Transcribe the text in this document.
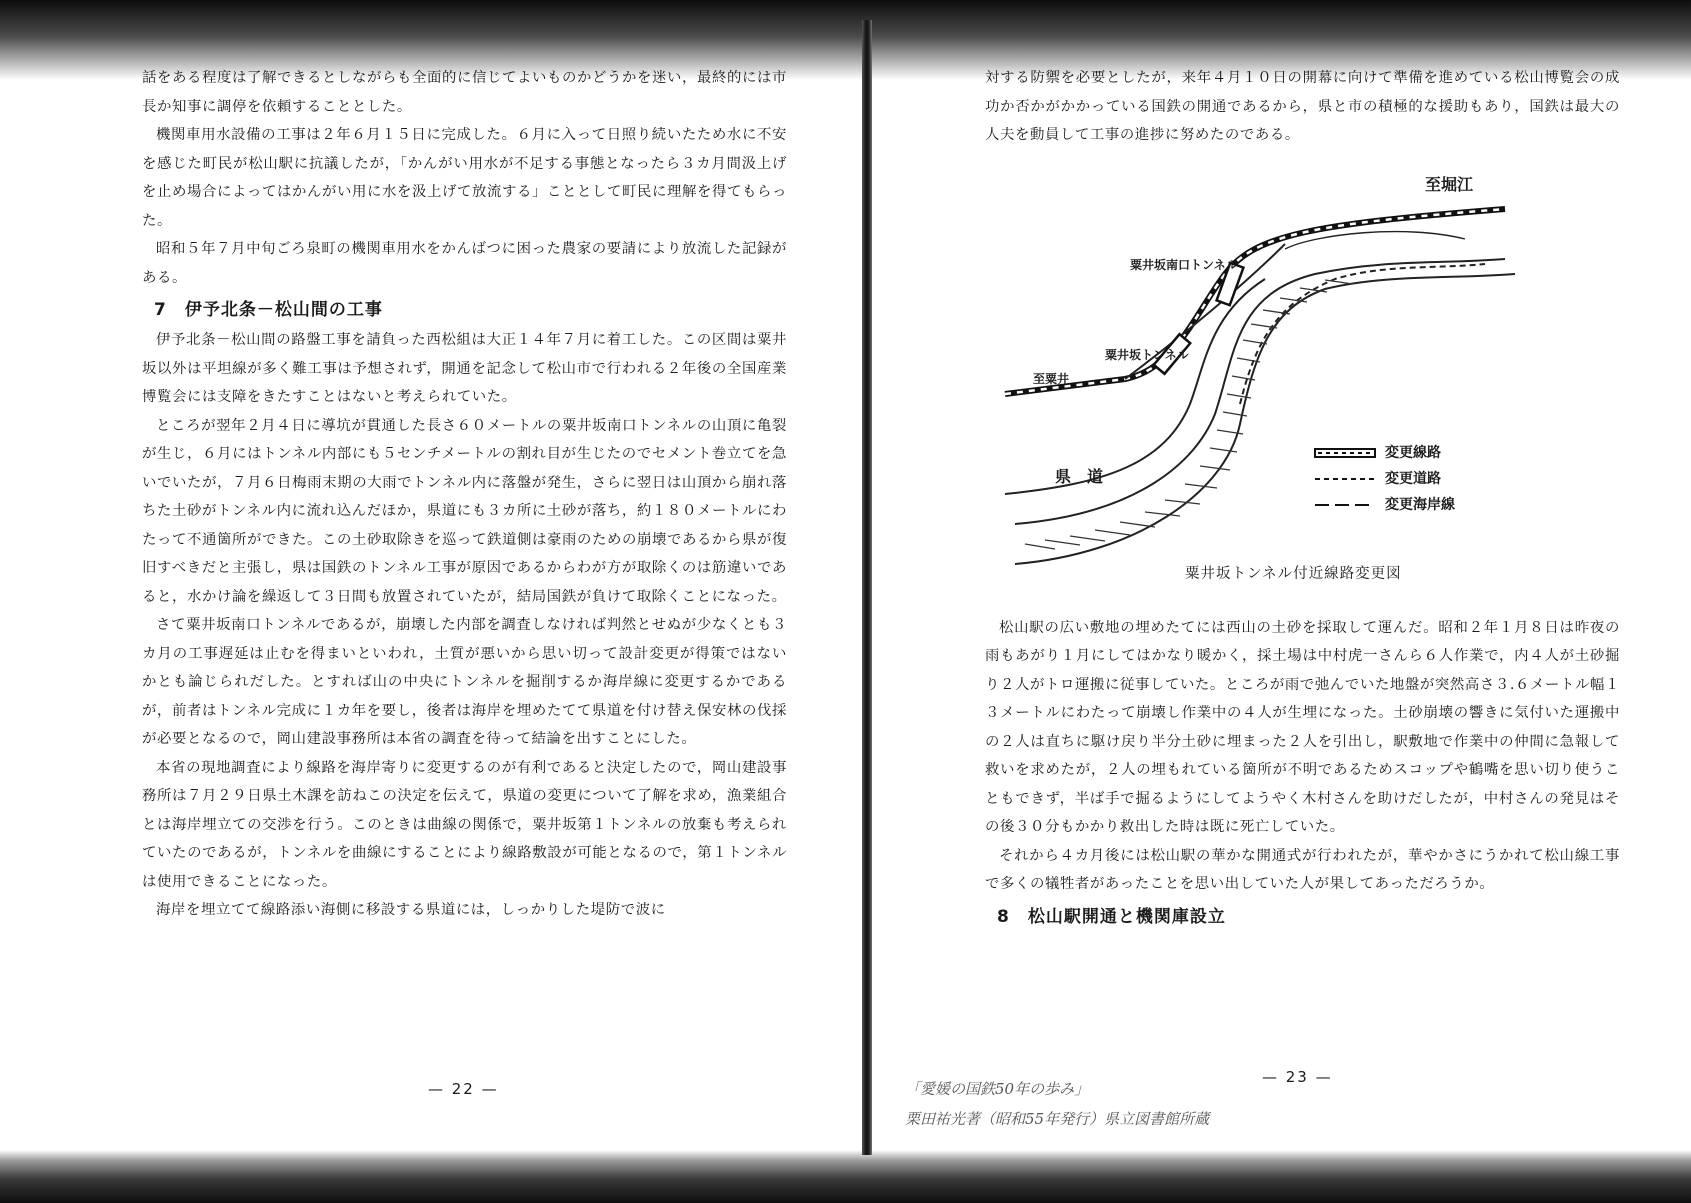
話をある程度は了解できるとしながらも全面的に信じてよいものかどうかを迷い，最終的には市長か知事に調停を依頼することとした。

機関車用水設備の工事は２年６月１５日に完成した。６月に入って日照り続いたため水に不安を感じた町民が松山駅に抗議したが，「かんがい用水が不足する事態となったら３カ月間汲上げを止め場合によってはかんがい用に水を汲上げて放流する」こととして町民に理解を得てもらった。

昭和５年７月中旬ごろ泉町の機関車用水をかんばつに困った農家の要請により放流した記録がある。

7　伊予北条－松山間の工事

伊予北条－松山間の路盤工事を請負った西松組は大正１４年７月に着工した。この区間は粟井坂以外は平坦線が多く難工事は予想されず，開通を記念して松山市で行われる２年後の全国産業博覧会には支障をきたすことはないと考えられていた。

ところが翌年２月４日に導坑が貫通した長さ６０メートルの粟井坂南口トンネルの山頂に亀裂が生じ，６月にはトンネル内部にも５センチメートルの割れ目が生じたのでセメント巻立てを急いでいたが，７月６日梅雨末期の大雨でトンネル内に落盤が発生，さらに翌日は山頂から崩れ落ちた土砂がトンネル内に流れ込んだほか，県道にも３カ所に土砂が落ち，約１８０メートルにわたって不通箇所ができた。この土砂取除きを巡って鉄道側は豪雨のための崩壊であるから県が復旧すべきだと主張し，県は国鉄のトンネル工事が原因であるからわが方が取除くのは筋違いであると，水かけ論を繰返して３日間も放置されていたが，結局国鉄が負けて取除くことになった。

さて粟井坂南口トンネルであるが，崩壊した内部を調査しなければ判然とせぬが少なくとも３カ月の工事遅延は止むを得まいといわれ，土質が悪いから思い切って設計変更が得策ではないかとも論じられだした。とすれば山の中央にトンネルを掘削するか海岸線に変更するかであるが，前者はトンネル完成に１カ年を要し，後者は海岸を埋めたてて県道を付け替え保安林の伐採が必要となるので，岡山建設事務所は本省の調査を待って結論を出すことにした。

本省の現地調査により線路を海岸寄りに変更するのが有利であると決定したので，岡山建設事務所は７月２９日県土木課を訪ねこの決定を伝えて，県道の変更について了解を求め，漁業組合とは海岸埋立ての交渉を行う。このときは曲線の関係で，粟井坂第１トンネルの放棄も考えられていたのであるが，トンネルを曲線にすることにより線路敷設が可能となるので，第１トンネルは使用できることになった。

海岸を埋立てて線路添い海側に移設する県道には，しっかりした堤防で波に

— 22 —

対する防禦を必要としたが，来年４月１０日の開幕に向けて準備を進めている松山博覧会の成功か否かがかかっている国鉄の開通であるから，県と市の積極的な援助もあり，国鉄は最大の人夫を動員して工事の進捗に努めたのである。

至堀江
粟井坂南口トンネル
粟井坂トンネル
至粟井
県　道
変更線路
変更道路
変更海岸線
粟井坂トンネル付近線路変更図

松山駅の広い敷地の埋めたてには西山の土砂を採取して運んだ。昭和２年１月８日は昨夜の雨もあがり１月にしてはかなり暖かく，採土場は中村虎一さんら６人作業で，内４人が土砂掘り２人がトロ運搬に従事していた。ところが雨で弛んでいた地盤が突然高さ３.６メートル幅１３メートルにわたって崩壊し作業中の４人が生埋になった。土砂崩壊の響きに気付いた運搬中の２人は直ちに駆け戻り半分土砂に埋まった２人を引出し，駅敷地で作業中の仲間に急報して救いを求めたが，２人の埋もれている箇所が不明であるためスコップや鶴嘴を思い切り使うこともできず，半ば手で掘るようにしてようやく木村さんを助けだしたが，中村さんの発見はその後３０分もかかり救出した時は既に死亡していた。

それから４カ月後には松山駅の華かな開通式が行われたが，華やかさにうかれて松山線工事で多くの犠牲者があったことを思い出していた人が果してあっただろうか。

8　松山駅開通と機関庫設立
— 23 —
「愛媛の国鉄50年の歩み」
栗田祐光著（昭和55年発行）県立図書館所蔵
